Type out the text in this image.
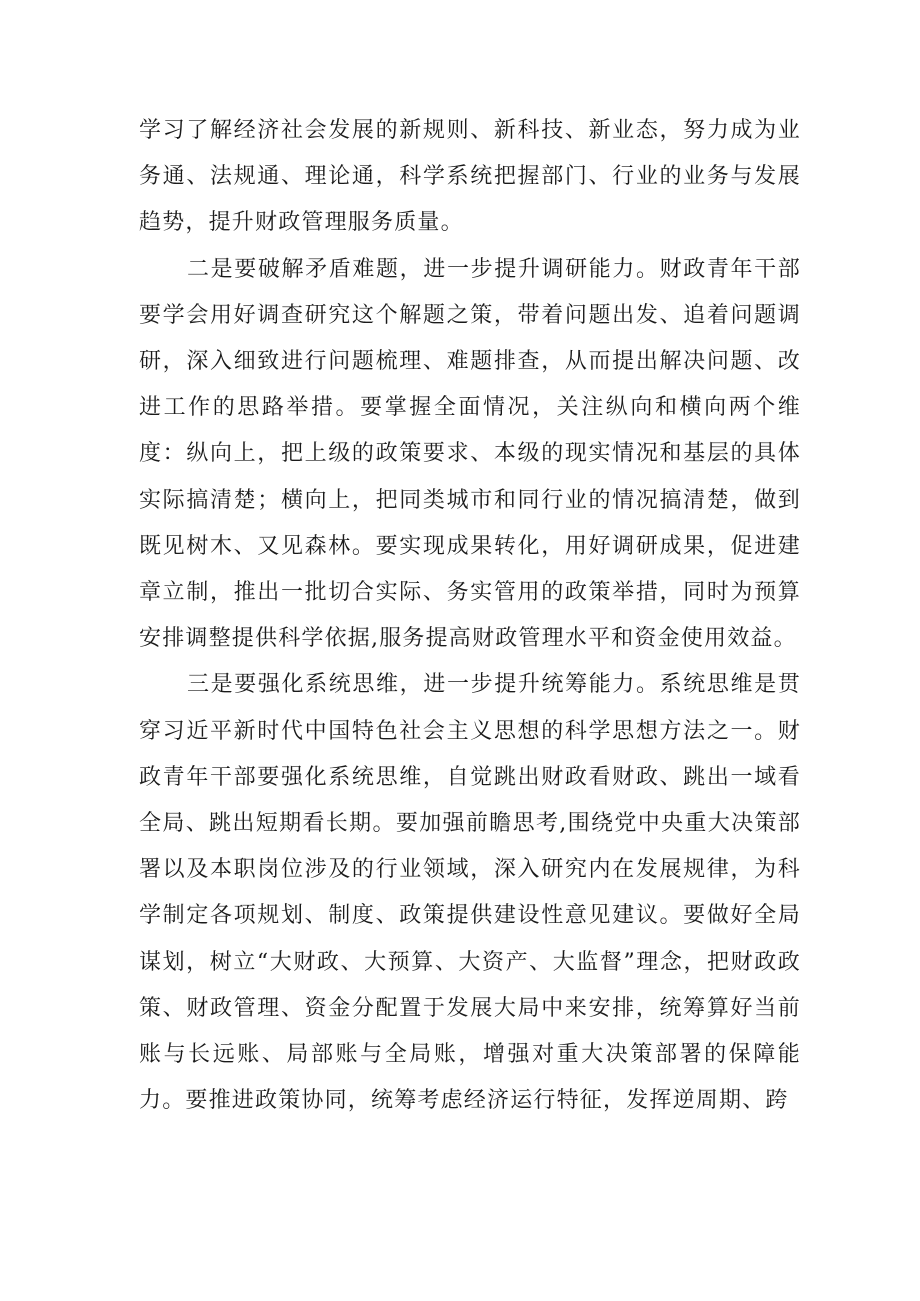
学习了解经济社会发展的新规则、新科技、新业态，努力成为业务通、法规通、理论通，科学系统把握部门、行业的业务与发展趋势，提升财政管理服务质量。

二是要破解矛盾难题，进一步提升调研能力。财政青年干部要学会用好调查研究这个解题之策，带着问题出发、追着问题调研，深入细致进行问题梳理、难题排查，从而提出解决问题、改进工作的思路举措。要掌握全面情况，关注纵向和横向两个维度：纵向上，把上级的政策要求、本级的现实情况和基层的具体实际搞清楚；横向上，把同类城市和同行业的情况搞清楚，做到既见树木、又见森林。要实现成果转化，用好调研成果，促进建章立制，推出一批切合实际、务实管用的政策举措，同时为预算安排调整提供科学依据,服务提高财政管理水平和资金使用效益。

三是要强化系统思维，进一步提升统筹能力。系统思维是贯穿习近平新时代中国特色社会主义思想的科学思想方法之一。财政青年干部要强化系统思维，自觉跳出财政看财政、跳出一域看全局、跳出短期看长期。要加强前瞻思考,围绕党中央重大决策部署以及本职岗位涉及的行业领域，深入研究内在发展规律，为科学制定各项规划、制度、政策提供建设性意见建议。要做好全局谋划，树立“大财政、大预算、大资产、大监督”理念，把财政政策、财政管理、资金分配置于发展大局中来安排，统筹算好当前账与长远账、局部账与全局账，增强对重大决策部署的保障能力。要推进政策协同，统筹考虑经济运行特征，发挥逆周期、跨
